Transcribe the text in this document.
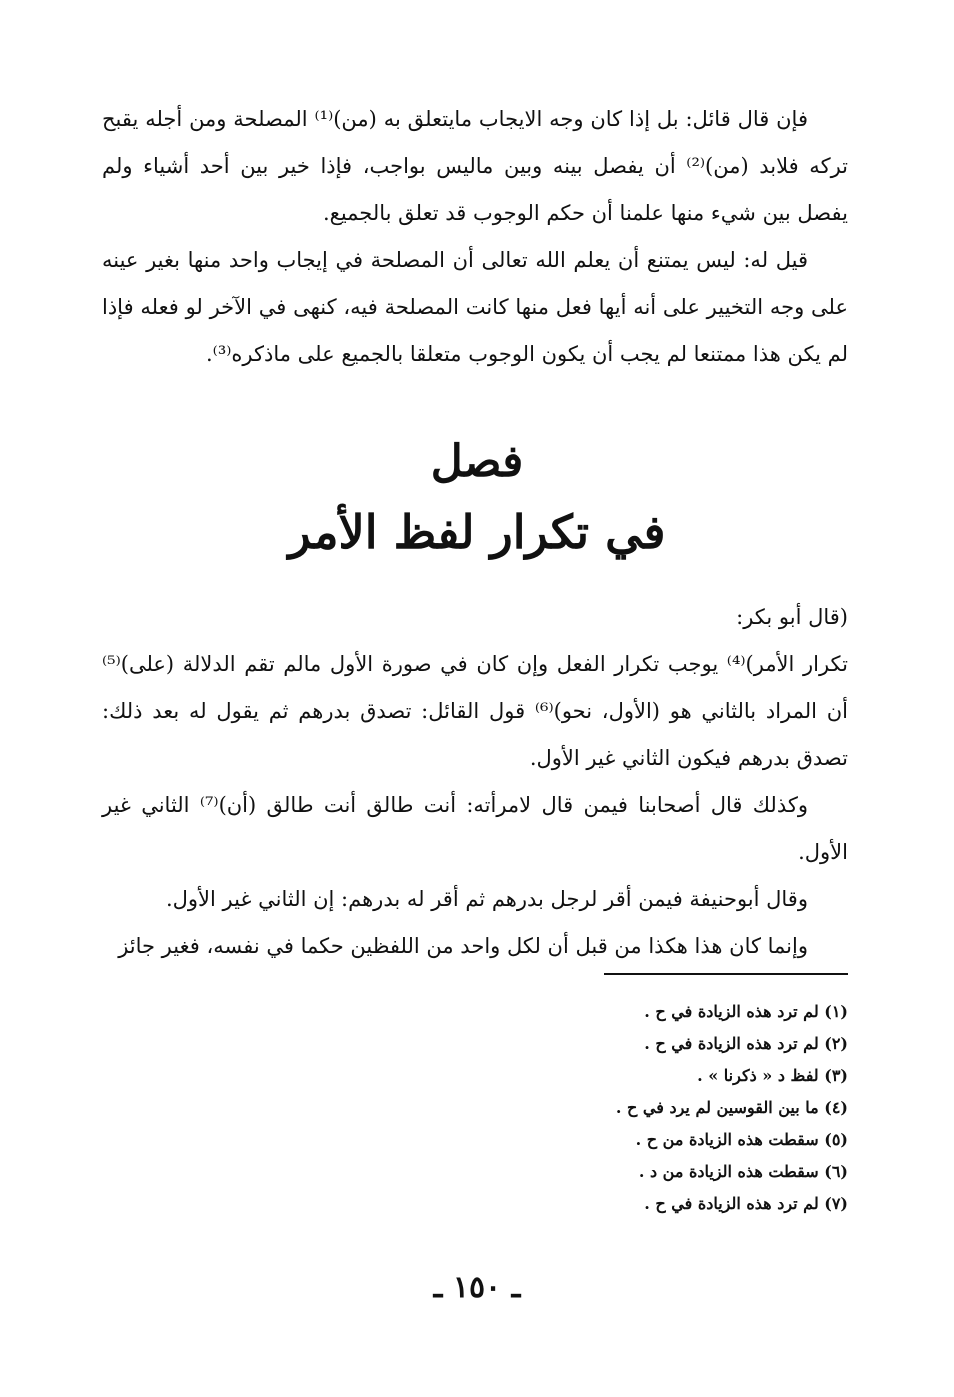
فإن قال قائل: بل إذا كان وجه الايجاب مايتعلق به (من)⁽¹⁾ المصلحة ومن أجله يقبح تركه فلابد (من)⁽²⁾ أن يفصل بينه وبين ماليس بواجب، فإذا خير بين أحد أشياء ولم يفصل بين شيء منها علمنا أن حكم الوجوب قد تعلق بالجميع.

قيل له: ليس يمتنع أن يعلم الله تعالى أن المصلحة في إيجاب واحد منها بغير عينه على وجه التخيير على أنه أيها فعل منها كانت المصلحة فيه، كنهى في الآخر لو فعله فإذا لم يكن هذا ممتنعا لم يجب أن يكون الوجوب متعلقا بالجميع على ماذكره⁽³⁾.

فصل
في تكرار لفظ الأمر

(قال أبو بكر:

تكرار الأمر)⁽⁴⁾ يوجب تكرار الفعل وإن كان في صورة الأول مالم تقم الدلالة (على)⁽⁵⁾ أن المراد بالثاني هو (الأول، نحو)⁽⁶⁾ قول القائل: تصدق بدرهم ثم يقول له بعد ذلك: تصدق بدرهم فيكون الثاني غير الأول.

وكذلك قال أصحابنا فيمن قال لامرأته: أنت طالق أنت طالق (أن)⁽⁷⁾ الثاني غير الأول.

وقال أبوحنيفة فيمن أقر لرجل بدرهم ثم أقر له بدرهم: إن الثاني غير الأول.

وإنما كان هذا هكذا من قبل أن لكل واحد من اللفظين حكما في نفسه، فغير جائز

(١) لم ترد هذه الزيادة في ح .
(٢) لم ترد هذه الزيادة في ح .
(٣) لفظ د « ذكرنا » .
(٤) ما بين القوسين لم يرد في ح .
(٥) سقطت هذه الزيادة من ح .
(٦) سقطت هذه الزيادة من د .
(٧) لم ترد هذه الزيادة في ح .
ـ ١٥٠ ـ
